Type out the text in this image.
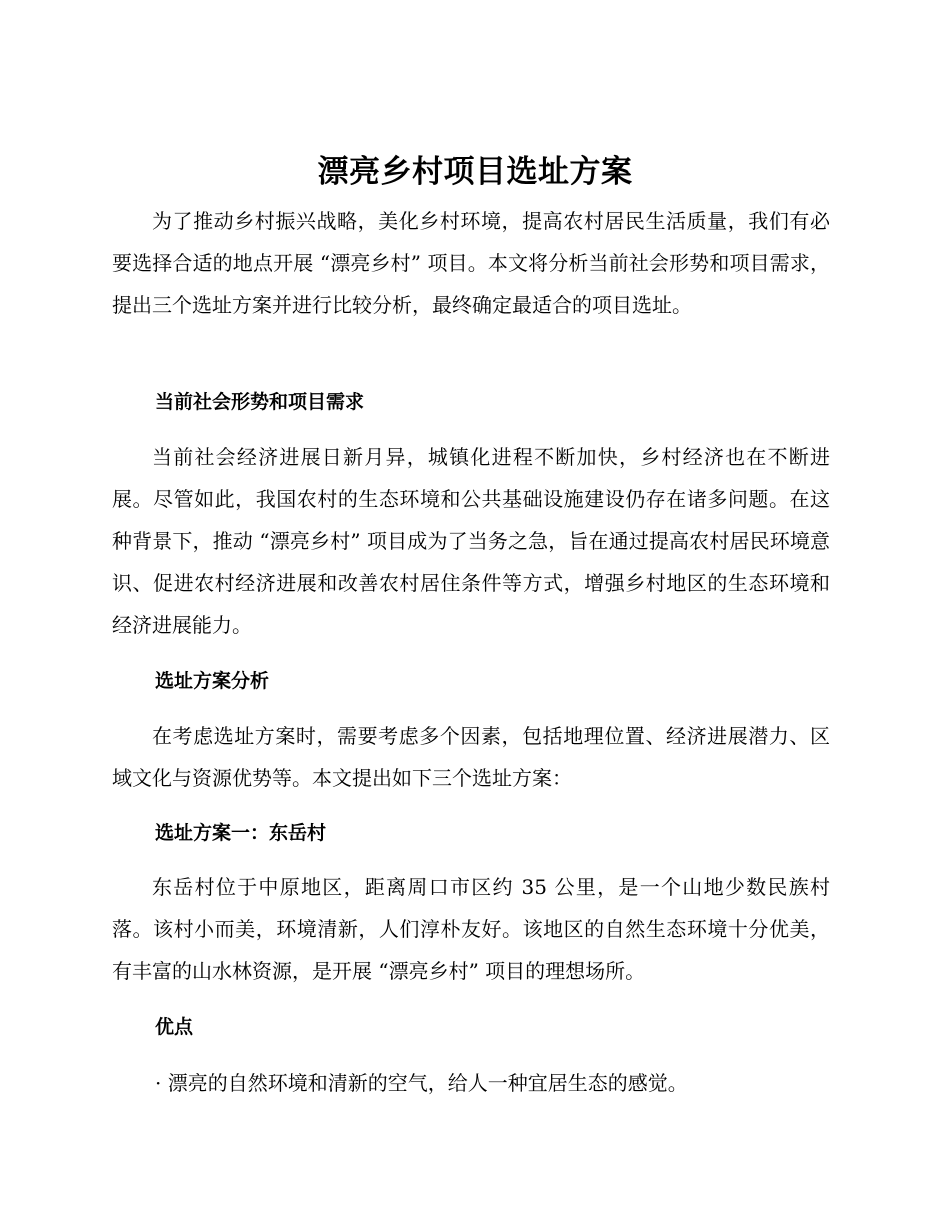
漂亮乡村项目选址方案

为了推动乡村振兴战略，美化乡村环境，提高农村居民生活质量，我们有必要选择合适的地点开展 “漂亮乡村” 项目。本文将分析当前社会形势和项目需求，提出三个选址方案并进行比较分析，最终确定最适合的项目选址。

当前社会形势和项目需求

当前社会经济进展日新月异，城镇化进程不断加快，乡村经济也在不断进展。尽管如此，我国农村的生态环境和公共基础设施建设仍存在诸多问题。在这种背景下，推动 “漂亮乡村” 项目成为了当务之急，旨在通过提高农村居民环境意识、促进农村经济进展和改善农村居住条件等方式，增强乡村地区的生态环境和经济进展能力。

选址方案分析

在考虑选址方案时，需要考虑多个因素，包括地理位置、经济进展潜力、区域文化与资源优势等。本文提出如下三个选址方案：

选址方案一：东岳村

东岳村位于中原地区，距离周口市区约 35 公里，是一个山地少数民族村落。该村小而美，环境清新，人们淳朴友好。该地区的自然生态环境十分优美，有丰富的山水林资源，是开展 “漂亮乡村” 项目的理想场所。

优点

· 漂亮的自然环境和清新的空气，给人一种宜居生态的感觉。
